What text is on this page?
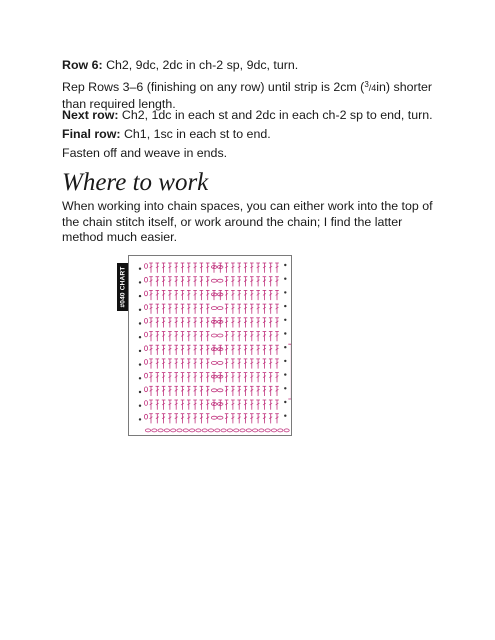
Row 6: Ch2, 9dc, 2dc in ch-2 sp, 9dc, turn.

Rep Rows 3–6 (finishing on any row) until strip is 2cm ($^3$/4in) shorter than required length.

Next row: Ch2, 1dc in each st and 2dc in each ch-2 sp to end, turn.

Final row: Ch1, 1sc in each st to end.

Fasten off and weave in ends.

Where to work

When working into chain spaces, you can either work into the top of the chain stitch itself, or work around the chain; I find the latter method much easier.

#040 CHART
